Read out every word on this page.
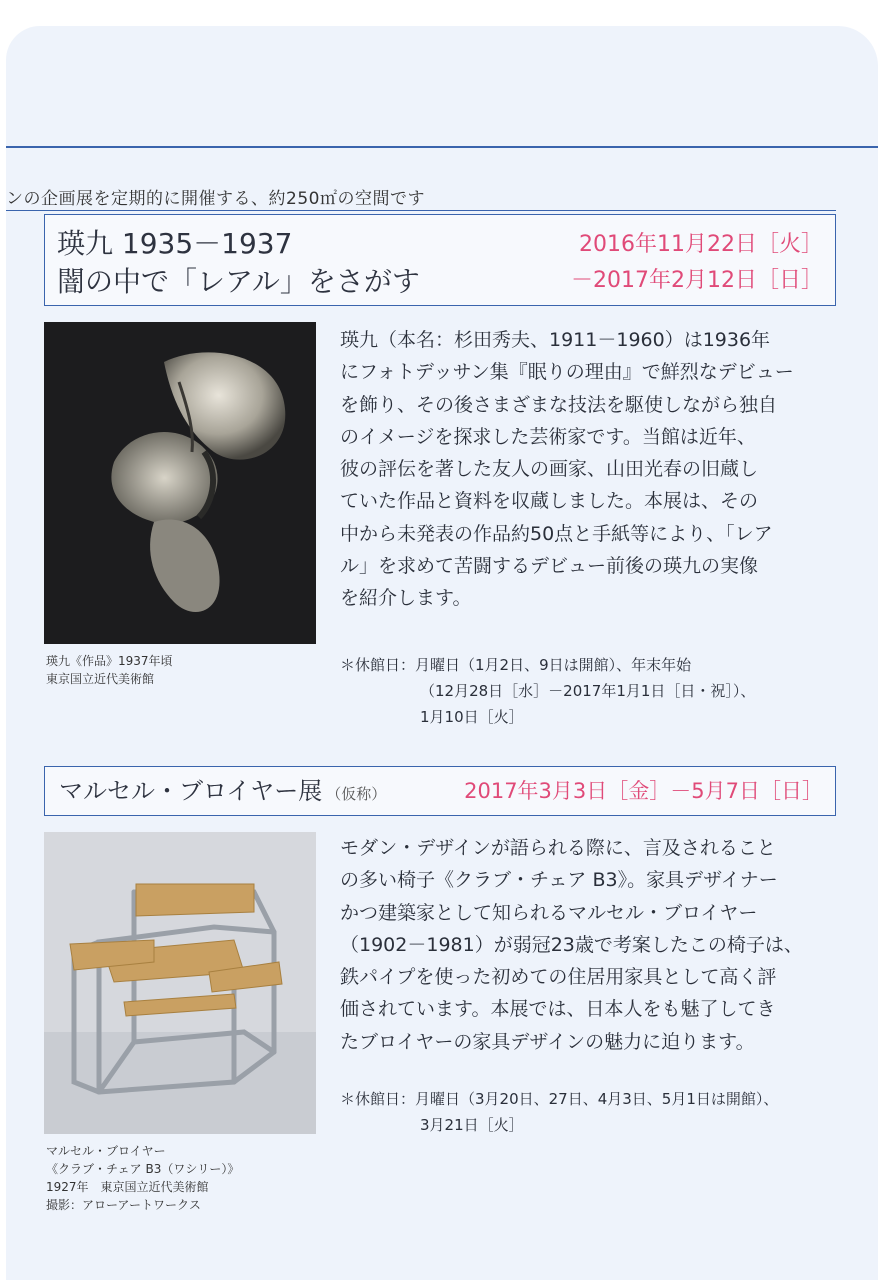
ンの企画展を定期的に開催する、約250㎡の空間です
瑛九 1935－1937
闇の中で「レアル」をさがす
2016年11月22日［火］
－2017年2月12日［日］
瑛九《作品》1937年頃
東京国立近代美術館
瑛九（本名：杉田秀夫、1911－1960）は1936年
にフォトデッサン集『眠りの理由』で鮮烈なデビュー
を飾り、その後さまざまな技法を駆使しながら独自
のイメージを探求した芸術家です。当館は近年、
彼の評伝を著した友人の画家、山田光春の旧蔵し
ていた作品と資料を収蔵しました。本展は、その
中から未発表の作品約50点と手紙等により、「レア
ル」を求めて苦闘するデビュー前後の瑛九の実像
を紹介します。
＊休館日：月曜日（1月2日、9日は開館）、年末年始
（12月28日［水］－2017年1月1日［日・祝］）、
1月10日［火］
マルセル・ブロイヤー展 （仮称）	2017年3月3日［金］－5月7日［日］
マルセル・ブロイヤー
《クラブ・チェア B3（ワシリー）》
1927年　東京国立近代美術館
撮影：アローアートワークス
モダン・デザインが語られる際に、言及されること
の多い椅子《クラブ・チェア B3》。家具デザイナー
かつ建築家として知られるマルセル・ブロイヤー
（1902－1981）が弱冠23歳で考案したこの椅子は、
鉄パイプを使った初めての住居用家具として高く評
価されています。本展では、日本人をも魅了してき
たブロイヤーの家具デザインの魅力に迫ります。
＊休館日：月曜日（3月20日、27日、4月3日、5月1日は開館）、
3月21日［火］
